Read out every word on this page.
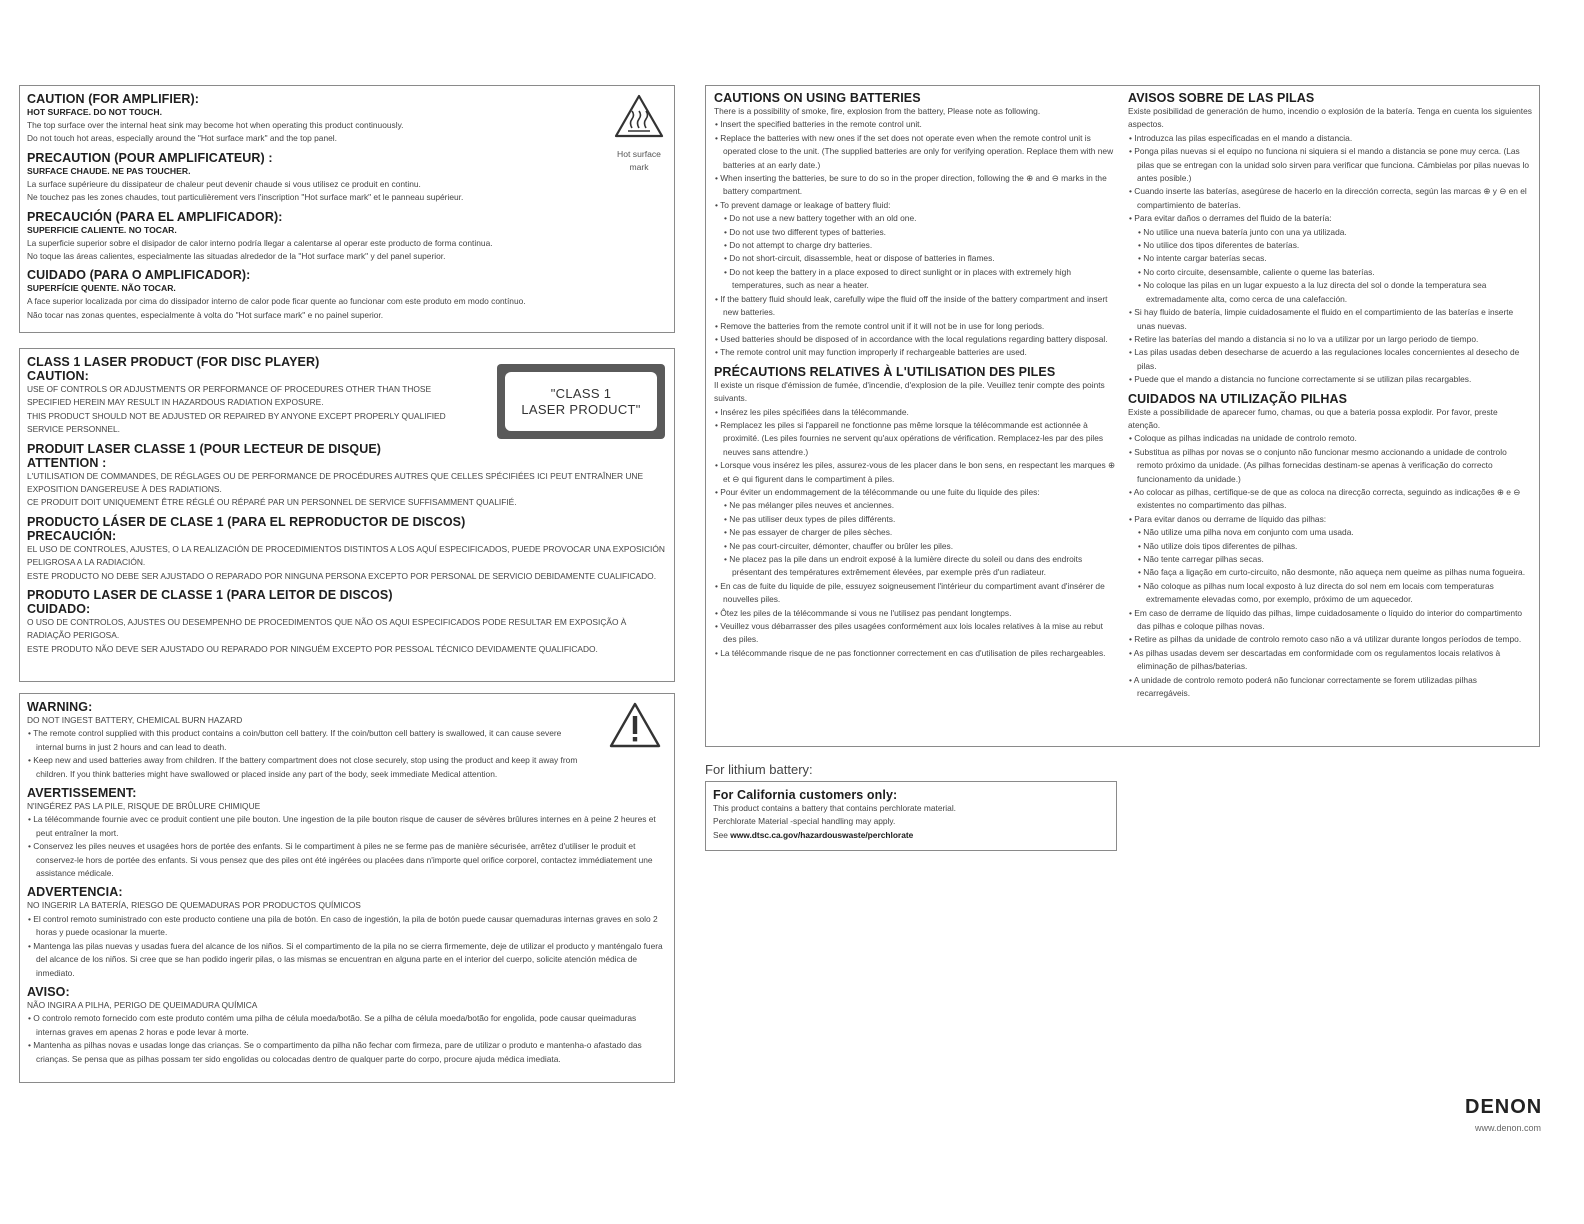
CAUTION (FOR AMPLIFIER):

HOT SURFACE. DO NOT TOUCH.

The top surface over the internal heat sink may become hot when operating this product continuously.

Do not touch hot areas, especially around the "Hot surface mark" and the top panel.

PRECAUTION (POUR AMPLIFICATEUR) :

SURFACE CHAUDE. NE PAS TOUCHER.

La surface supérieure du dissipateur de chaleur peut devenir chaude si vous utilisez ce produit en continu.

Ne touchez pas les zones chaudes, tout particulièrement vers l'inscription "Hot surface mark" et le panneau supérieur.

PRECAUCIÓN (PARA EL AMPLIFICADOR):

SUPERFICIE CALIENTE. NO TOCAR.

La superficie superior sobre el disipador de calor interno podría llegar a calentarse al operar este producto de forma continua.

No toque las áreas calientes, especialmente las situadas alrededor de la "Hot surface mark" y del panel superior.

CUIDADO (PARA O AMPLIFICADOR):

SUPERFÍCIE QUENTE. NÃO TOCAR.

A face superior localizada por cima do dissipador interno de calor pode ficar quente ao funcionar com este produto em modo contínuo.

Não tocar nas zonas quentes, especialmente à volta do "Hot surface mark" e no painel superior.

Hot surface mark
"CLASS 1
LASER PRODUCT"

CLASS 1 LASER PRODUCT (FOR DISC PLAYER)

CAUTION:

USE OF CONTROLS OR ADJUSTMENTS OR PERFORMANCE OF PROCEDURES OTHER THAN THOSE SPECIFIED HEREIN MAY RESULT IN HAZARDOUS RADIATION EXPOSURE.

THIS PRODUCT SHOULD NOT BE ADJUSTED OR REPAIRED BY ANYONE EXCEPT PROPERLY QUALIFIED SERVICE PERSONNEL.

PRODUIT LASER CLASSE 1 (POUR LECTEUR DE DISQUE)

ATTENTION :

L'UTILISATION DE COMMANDES, DE RÉGLAGES OU DE PERFORMANCE DE PROCÉDURES AUTRES QUE CELLES SPÉCIFIÉES ICI PEUT ENTRAÎNER UNE EXPOSITION DANGEREUSE À DES RADIATIONS.

CE PRODUIT DOIT UNIQUEMENT ÊTRE RÉGLÉ OU RÉPARÉ PAR UN PERSONNEL DE SERVICE SUFFISAMMENT QUALIFIÉ.

PRODUCTO LÁSER DE CLASE 1 (PARA EL REPRODUCTOR DE DISCOS)

PRECAUCIÓN:

EL USO DE CONTROLES, AJUSTES, O LA REALIZACIÓN DE PROCEDIMIENTOS DISTINTOS A LOS AQUÍ ESPECIFICADOS, PUEDE PROVOCAR UNA EXPOSICIÓN PELIGROSA A LA RADIACIÓN.

ESTE PRODUCTO NO DEBE SER AJUSTADO O REPARADO POR NINGUNA PERSONA EXCEPTO POR PERSONAL DE SERVICIO DEBIDAMENTE CUALIFICADO.

PRODUTO LASER DE CLASSE 1 (PARA LEITOR DE DISCOS)

CUIDADO:

O USO DE CONTROLOS, AJUSTES OU DESEMPENHO DE PROCEDIMENTOS QUE NÃO OS AQUI ESPECIFICADOS PODE RESULTAR EM EXPOSIÇÃO À RADIAÇÃO PERIGOSA.

ESTE PRODUTO NÃO DEVE SER AJUSTADO OU REPARADO POR NINGUÉM EXCEPTO POR PESSOAL TÉCNICO DEVIDAMENTE QUALIFICADO.

WARNING:

DO NOT INGEST BATTERY, CHEMICAL BURN HAZARD

• The remote control supplied with this product contains a coin/button cell battery. If the coin/button cell battery is swallowed, it can cause severe internal burns in just 2 hours and can lead to death.
• Keep new and used batteries away from children. If the battery compartment does not close securely, stop using the product and keep it away from children. If you think batteries might have swallowed or placed inside any part of the body, seek immediate Medical attention.

AVERTISSEMENT:

N'INGÉREZ PAS LA PILE, RISQUE DE BRÛLURE CHIMIQUE

• La télécommande fournie avec ce produit contient une pile bouton. Une ingestion de la pile bouton risque de causer de sévères brûlures internes en à peine 2 heures et peut entraîner la mort.
• Conservez les piles neuves et usagées hors de portée des enfants. Si le compartiment à piles ne se ferme pas de manière sécurisée, arrêtez d'utiliser le produit et conservez-le hors de portée des enfants. Si vous pensez que des piles ont été ingérées ou placées dans n'importe quel orifice corporel, contactez immédiatement une assistance médicale.

ADVERTENCIA:

NO INGERIR LA BATERÍA, RIESGO DE QUEMADURAS POR PRODUCTOS QUÍMICOS

• El control remoto suministrado con este producto contiene una pila de botón. En caso de ingestión, la pila de botón puede causar quemaduras internas graves en solo 2 horas y puede ocasionar la muerte.
• Mantenga las pilas nuevas y usadas fuera del alcance de los niños. Si el compartimento de la pila no se cierra firmemente, deje de utilizar el producto y manténgalo fuera del alcance de los niños. Si cree que se han podido ingerir pilas, o las mismas se encuentran en alguna parte en el interior del cuerpo, solicite atención médica de inmediato.

AVISO:

NÃO INGIRA A PILHA, PERIGO DE QUEIMADURA QUÍMICA

• O controlo remoto fornecido com este produto contém uma pilha de célula moeda/botão. Se a pilha de célula moeda/botão for engolida, pode causar queimaduras internas graves em apenas 2 horas e pode levar à morte.
• Mantenha as pilhas novas e usadas longe das crianças. Se o compartimento da pilha não fechar com firmeza, pare de utilizar o produto e mantenha-o afastado das crianças. Se pensa que as pilhas possam ter sido engolidas ou colocadas dentro de qualquer parte do corpo, procure ajuda médica imediata.

CAUTIONS ON USING BATTERIES

There is a possibility of smoke, fire, explosion from the battery, Please note as following.

• Insert the specified batteries in the remote control unit.
• Replace the batteries with new ones if the set does not operate even when the remote control unit is operated close to the unit. (The supplied batteries are only for verifying operation. Replace them with new batteries at an early date.)
• When inserting the batteries, be sure to do so in the proper direction, following the ⊕ and ⊖ marks in the battery compartment.
• To prevent damage or leakage of battery fluid:
• Do not use a new battery together with an old one.
• Do not use two different types of batteries.
• Do not attempt to charge dry batteries.
• Do not short-circuit, disassemble, heat or dispose of batteries in flames.
• Do not keep the battery in a place exposed to direct sunlight or in places with extremely high temperatures, such as near a heater.
• If the battery fluid should leak, carefully wipe the fluid off the inside of the battery compartment and insert new batteries.
• Remove the batteries from the remote control unit if it will not be in use for long periods.
• Used batteries should be disposed of in accordance with the local regulations regarding battery disposal.
• The remote control unit may function improperly if rechargeable batteries are used.

PRÉCAUTIONS RELATIVES À L'UTILISATION DES PILES

Il existe un risque d'émission de fumée, d'incendie, d'explosion de la pile. Veuillez tenir compte des points suivants.

• Insérez les piles spécifiées dans la télécommande.
• Remplacez les piles si l'appareil ne fonctionne pas même lorsque la télécommande est actionnée à proximité. (Les piles fournies ne servent qu'aux opérations de vérification. Remplacez-les par des piles neuves sans attendre.)
• Lorsque vous insérez les piles, assurez-vous de les placer dans le bon sens, en respectant les marques ⊕ et ⊖ qui figurent dans le compartiment à piles.
• Pour éviter un endommagement de la télécommande ou une fuite du liquide des piles:
• Ne pas mélanger piles neuves et anciennes.
• Ne pas utiliser deux types de piles différents.
• Ne pas essayer de charger de piles sèches.
• Ne pas court-circuiter, démonter, chauffer ou brûler les piles.
• Ne placez pas la pile dans un endroit exposé à la lumière directe du soleil ou dans des endroits présentant des températures extrêmement élevées, par exemple près d'un radiateur.
• En cas de fuite du liquide de pile, essuyez soigneusement l'intérieur du compartiment avant d'insérer de nouvelles piles.
• Ôtez les piles de la télécommande si vous ne l'utilisez pas pendant longtemps.
• Veuillez vous débarrasser des piles usagées conformément aux lois locales relatives à la mise au rebut des piles.
• La télécommande risque de ne pas fonctionner correctement en cas d'utilisation de piles rechargeables.

AVISOS SOBRE DE LAS PILAS

Existe posibilidad de generación de humo, incendio o explosión de la batería. Tenga en cuenta los siguientes aspectos.

• Introduzca las pilas especificadas en el mando a distancia.
• Ponga pilas nuevas si el equipo no funciona ni siquiera si el mando a distancia se pone muy cerca. (Las pilas que se entregan con la unidad solo sirven para verificar que funciona. Cámbielas por pilas nuevas lo antes posible.)
• Cuando inserte las baterías, asegúrese de hacerlo en la dirección correcta, según las marcas ⊕ y ⊖ en el compartimiento de baterías.
• Para evitar daños o derrames del fluido de la batería:
• No utilice una nueva batería junto con una ya utilizada.
• No utilice dos tipos diferentes de baterías.
• No intente cargar baterías secas.
• No corto circuite, desensamble, caliente o queme las baterías.
• No coloque las pilas en un lugar expuesto a la luz directa del sol o donde la temperatura sea extremadamente alta, como cerca de una calefacción.
• Si hay fluido de batería, limpie cuidadosamente el fluido en el compartimiento de las baterías e inserte unas nuevas.
• Retire las baterías del mando a distancia si no lo va a utilizar por un largo periodo de tiempo.
• Las pilas usadas deben desecharse de acuerdo a las regulaciones locales concernientes al desecho de pilas.
• Puede que el mando a distancia no funcione correctamente si se utilizan pilas recargables.

CUIDADOS NA UTILIZAÇÃO PILHAS

Existe a possibilidade de aparecer fumo, chamas, ou que a bateria possa explodir. Por favor, preste atenção.

• Coloque as pilhas indicadas na unidade de controlo remoto.
• Substitua as pilhas por novas se o conjunto não funcionar mesmo accionando a unidade de controlo remoto próximo da unidade. (As pilhas fornecidas destinam-se apenas à verificação do correcto funcionamento da unidade.)
• Ao colocar as pilhas, certifique-se de que as coloca na direcção correcta, seguindo as indicações ⊕ e ⊖ existentes no compartimento das pilhas.
• Para evitar danos ou derrame de líquido das pilhas:
• Não utilize uma pilha nova em conjunto com uma usada.
• Não utilize dois tipos diferentes de pilhas.
• Não tente carregar pilhas secas.
• Não faça a ligação em curto-circuito, não desmonte, não aqueça nem queime as pilhas numa fogueira.
• Não coloque as pilhas num local exposto à luz directa do sol nem em locais com temperaturas extremamente elevadas como, por exemplo, próximo de um aquecedor.
• Em caso de derrame de líquido das pilhas, limpe cuidadosamente o líquido do interior do compartimento das pilhas e coloque pilhas novas.
• Retire as pilhas da unidade de controlo remoto caso não a vá utilizar durante longos períodos de tempo.
• As pilhas usadas devem ser descartadas em conformidade com os regulamentos locais relativos à eliminação de pilhas/baterias.
• A unidade de controlo remoto poderá não funcionar correctamente se forem utilizadas pilhas recarregáveis.
For lithium battery:

For California customers only:

This product contains a battery that contains perchlorate material.

Perchlorate Material -special handling may apply.

See www.dtsc.ca.gov/hazardouswaste/perchlorate

DENON
www.denon.com
